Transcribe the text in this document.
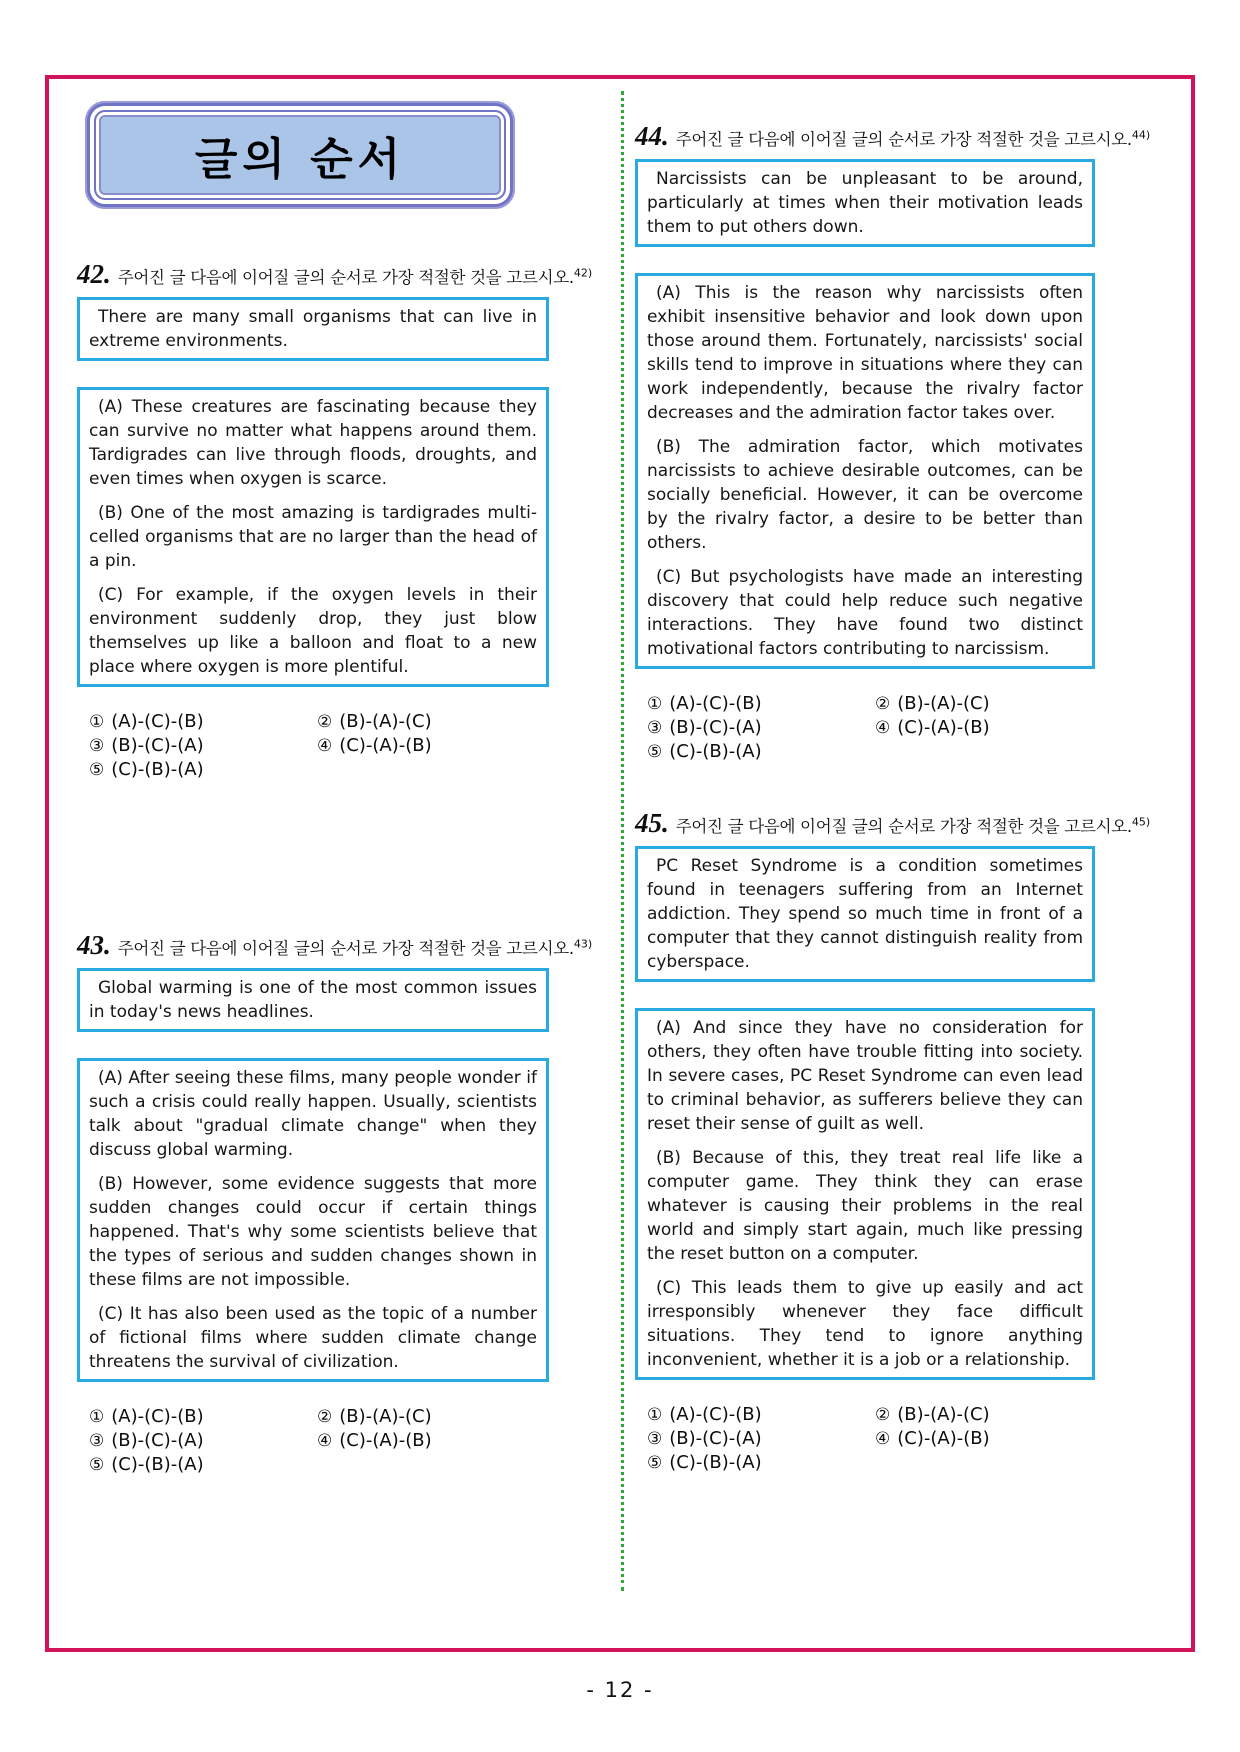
글의 순서
42. 주어진 글 다음에 이어질 글의 순서로 가장 적절한 것을 고르시오.$^{42)}$

There are many small organisms that can live in extreme environments.

(A) These creatures are fascinating because they can survive no matter what happens around them. Tardigrades can live through floods, droughts, and even times when oxygen is scarce.

(B) One of the most amazing is tardigrades multi-celled organisms that are no larger than the head of a pin.

(C) For example, if the oxygen levels in their environment suddenly drop, they just blow themselves up like a balloon and float to a new place where oxygen is more plentiful.

① (A)-(C)-(B)	② (B)-(A)-(C)
③ (B)-(C)-(A)	④ (C)-(A)-(B)
⑤ (C)-(B)-(A)
43. 주어진 글 다음에 이어질 글의 순서로 가장 적절한 것을 고르시오.$^{43)}$

Global warming is one of the most common issues in today's news headlines.

(A) After seeing these films, many people wonder if such a crisis could really happen. Usually, scientists talk about "gradual climate change" when they discuss global warming.

(B) However, some evidence suggests that more sudden changes could occur if certain things happened. That's why some scientists believe that the types of serious and sudden changes shown in these films are not impossible.

(C) It has also been used as the topic of a number of fictional films where sudden climate change threatens the survival of civilization.

① (A)-(C)-(B)	② (B)-(A)-(C)
③ (B)-(C)-(A)	④ (C)-(A)-(B)
⑤ (C)-(B)-(A)
44. 주어진 글 다음에 이어질 글의 순서로 가장 적절한 것을 고르시오.$^{44)}$

Narcissists can be unpleasant to be around, particularly at times when their motivation leads them to put others down.

(A) This is the reason why narcissists often exhibit insensitive behavior and look down upon those around them. Fortunately, narcissists' social skills tend to improve in situations where they can work independently, because the rivalry factor decreases and the admiration factor takes over.

(B) The admiration factor, which motivates narcissists to achieve desirable outcomes, can be socially beneficial. However, it can be overcome by the rivalry factor, a desire to be better than others.

(C) But psychologists have made an interesting discovery that could help reduce such negative interactions. They have found two distinct motivational factors contributing to narcissism.

① (A)-(C)-(B)	② (B)-(A)-(C)
③ (B)-(C)-(A)	④ (C)-(A)-(B)
⑤ (C)-(B)-(A)
45. 주어진 글 다음에 이어질 글의 순서로 가장 적절한 것을 고르시오.$^{45)}$

PC Reset Syndrome is a condition sometimes found in teenagers suffering from an Internet addiction. They spend so much time in front of a computer that they cannot distinguish reality from cyberspace.

(A) And since they have no consideration for others, they often have trouble fitting into society. In severe cases, PC Reset Syndrome can even lead to criminal behavior, as sufferers believe they can reset their sense of guilt as well.

(B) Because of this, they treat real life like a computer game. They think they can erase whatever is causing their problems in the real world and simply start again, much like pressing the reset button on a computer.

(C) This leads them to give up easily and act irresponsibly whenever they face difficult situations. They tend to ignore anything inconvenient, whether it is a job or a relationship.

① (A)-(C)-(B)	② (B)-(A)-(C)
③ (B)-(C)-(A)	④ (C)-(A)-(B)
⑤ (C)-(B)-(A)
- 12 -
